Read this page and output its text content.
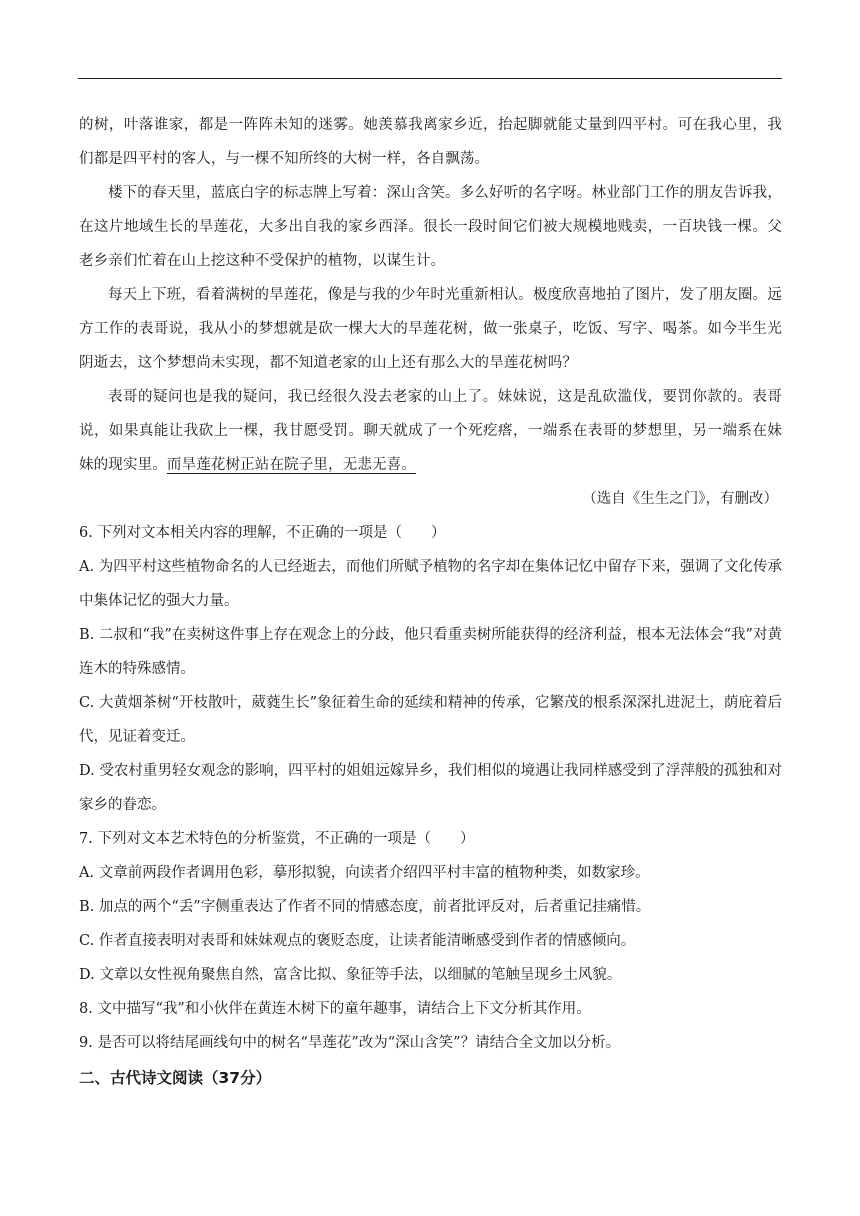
的树，叶落谁家，都是一阵阵未知的迷雾。她羡慕我离家乡近，抬起脚就能丈量到四平村。可在我心里，我们都是四平村的客人，与一棵不知所终的大树一样，各自飘荡。

楼下的春天里，蓝底白字的标志牌上写着：深山含笑。多么好听的名字呀。林业部门工作的朋友告诉我，在这片地域生长的旱莲花，大多出自我的家乡西泽。很长一段时间它们被大规模地贱卖，一百块钱一棵。父老乡亲们忙着在山上挖这种不受保护的植物，以谋生计。

每天上下班，看着满树的旱莲花，像是与我的少年时光重新相认。极度欣喜地拍了图片，发了朋友圈。远方工作的表哥说，我从小的梦想就是砍一棵大大的旱莲花树，做一张桌子，吃饭、写字、喝茶。如今半生光阴逝去，这个梦想尚未实现，都不知道老家的山上还有那么大的旱莲花树吗？

表哥的疑问也是我的疑问，我已经很久没去老家的山上了。妹妹说，这是乱砍滥伐，要罚你款的。表哥说，如果真能让我砍上一棵，我甘愿受罚。聊天就成了一个死疙瘩，一端系在表哥的梦想里，另一端系在妹妹的现实里。而旱莲花树正站在院子里，无悲无喜。

（选自《生生之门》，有删改）

6. 下列对文本相关内容的理解，不正确的一项是（　　）

A. 为四平村这些植物命名的人已经逝去，而他们所赋予植物的名字却在集体记忆中留存下来，强调了文化传承中集体记忆的强大力量。

B. 二叔和“我”在卖树这件事上存在观念上的分歧，他只看重卖树所能获得的经济利益，根本无法体会“我”对黄连木的特殊感情。

C. 大黄烟茶树“开枝散叶，葳蕤生长”象征着生命的延续和精神的传承，它繁茂的根系深深扎进泥土，荫庇着后代，见证着变迁。

D. 受农村重男轻女观念的影响，四平村的姐姐远嫁异乡，我们相似的境遇让我同样感受到了浮萍般的孤独和对家乡的眷恋。

7. 下列对文本艺术特色的分析鉴赏，不正确的一项是（　　）

A. 文章前两段作者调用色彩，摹形拟貌，向读者介绍四平村丰富的植物种类，如数家珍。

B. 加点的两个“丢”字侧重表达了作者不同的情感态度，前者批评反对，后者重记挂痛惜。

C. 作者直接表明对表哥和妹妹观点的褒贬态度，让读者能清晰感受到作者的情感倾向。

D. 文章以女性视角聚焦自然，富含比拟、象征等手法，以细腻的笔触呈现乡土风貌。

8. 文中描写“我”和小伙伴在黄连木树下的童年趣事，请结合上下文分析其作用。

9. 是否可以将结尾画线句中的树名“旱莲花”改为“深山含笑”？请结合全文加以分析。

二、古代诗文阅读（37分）
